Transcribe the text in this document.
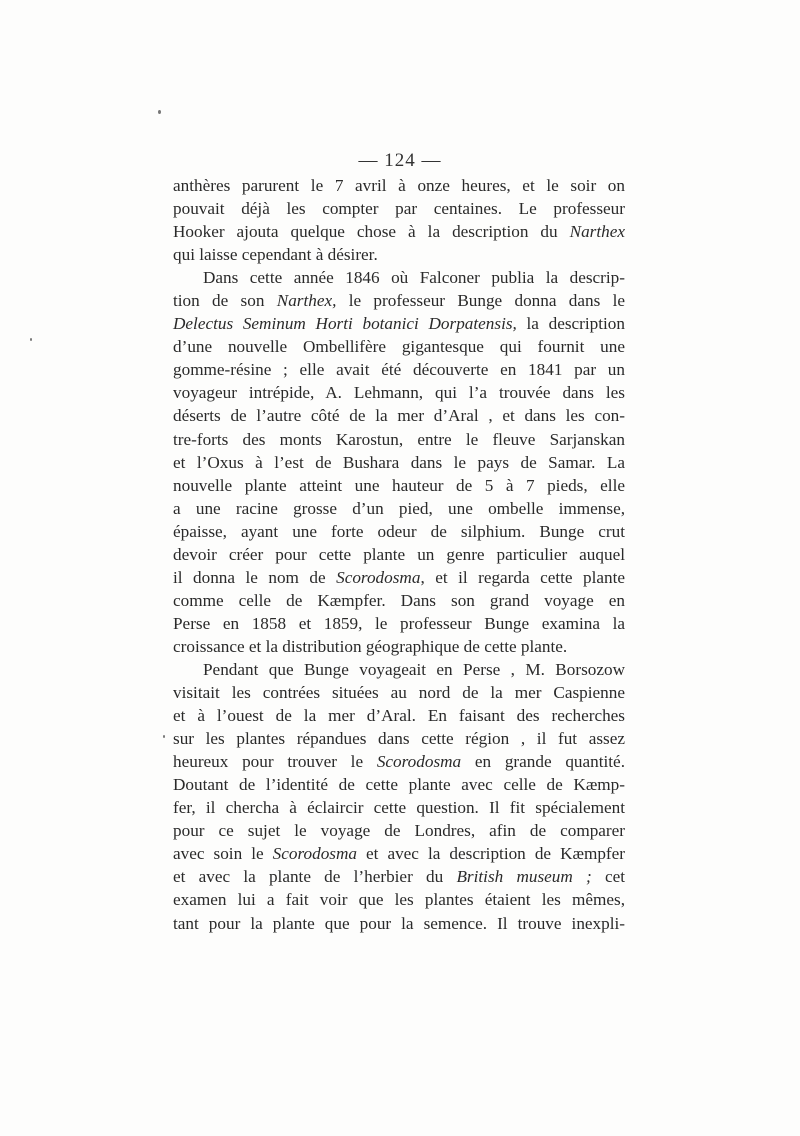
— 124 —
anthères parurent le 7 avril à onze heures, et le soir on
pouvait déjà les compter par centaines. Le professeur
Hooker ajouta quelque chose à la description du Narthex
qui laisse cependant à désirer.
Dans cette année 1846 où Falconer publia la descrip-
tion de son Narthex, le professeur Bunge donna dans le
Delectus Seminum Horti botanici Dorpatensis, la description
d’une nouvelle Ombellifère gigantesque qui fournit une
gomme-résine ; elle avait été découverte en 1841 par un
voyageur intrépide, A. Lehmann, qui l’a trouvée dans les
déserts de l’autre côté de la mer d’Aral , et dans les con-
tre-forts des monts Karostun, entre le fleuve Sarjanskan
et l’Oxus à l’est de Bushara dans le pays de Samar. La
nouvelle plante atteint une hauteur de 5 à 7 pieds, elle
a une racine grosse d’un pied, une ombelle immense,
épaisse, ayant une forte odeur de silphium. Bunge crut
devoir créer pour cette plante un genre particulier auquel
il donna le nom de Scorodosma, et il regarda cette plante
comme celle de Kæmpfer. Dans son grand voyage en
Perse en 1858 et 1859, le professeur Bunge examina la
croissance et la distribution géographique de cette plante.
Pendant que Bunge voyageait en Perse , M. Borsozow
visitait les contrées situées au nord de la mer Caspienne
et à l’ouest de la mer d’Aral. En faisant des recherches
sur les plantes répandues dans cette région , il fut assez
heureux pour trouver le Scorodosma en grande quantité.
Doutant de l’identité de cette plante avec celle de Kæmp-
fer, il chercha à éclaircir cette question. Il fit spécialement
pour ce sujet le voyage de Londres, afin de comparer
avec soin le Scorodosma et avec la description de Kæmpfer
et avec la plante de l’herbier du British museum ; cet
examen lui a fait voir que les plantes étaient les mêmes,
tant pour la plante que pour la semence. Il trouve inexpli-
